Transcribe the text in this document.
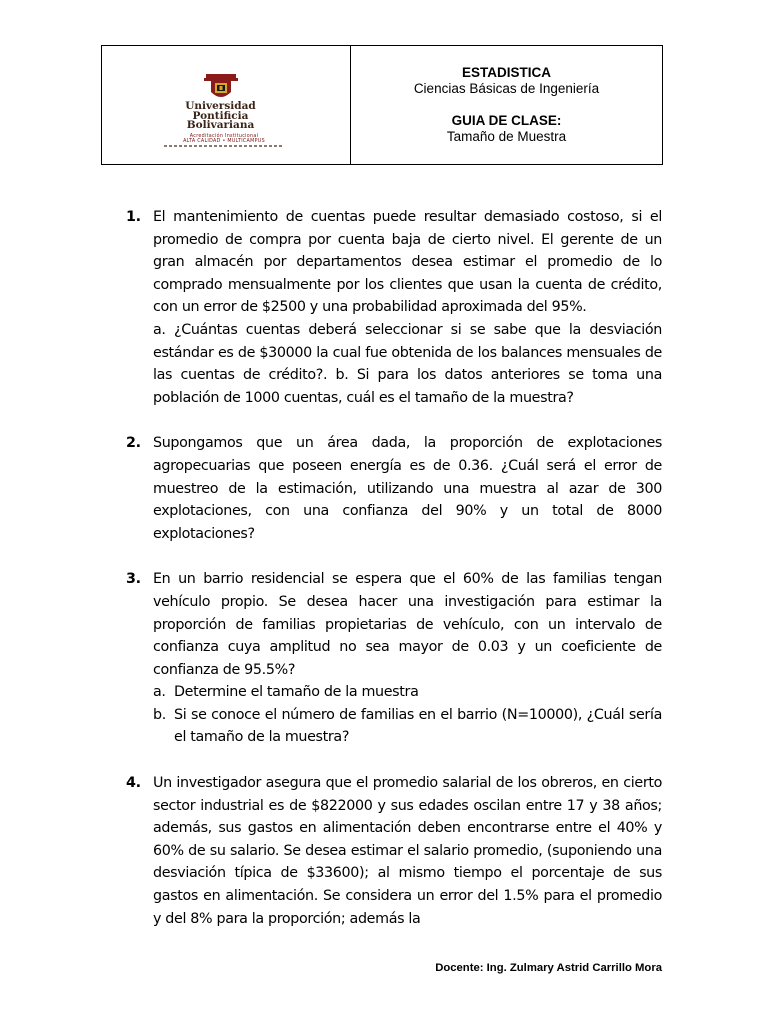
Universidad
Pontificia
Bolivariana
Acreditación Institucional
ALTA CALIDAD • MULTICAMPUS
ESTADISTICA
Ciencias Básicas de Ingeniería
GUIA DE CLASE:
Tamaño de Muestra
1. El mantenimiento de cuentas puede resultar demasiado costoso, si el promedio de compra por cuenta baja de cierto nivel. El gerente de un gran almacén por departamentos desea estimar el promedio de lo comprado mensualmente por los clientes que usan la cuenta de crédito, con un error de $2500 y una probabilidad aproximada del 95%.
a. ¿Cuántas cuentas deberá seleccionar si se sabe que la desviación estándar es de $30000 la cual fue obtenida de los balances mensuales de las cuentas de crédito?. b. Si para los datos anteriores se toma una población de 1000 cuentas, cuál es el tamaño de la muestra?
2. Supongamos que un área dada, la proporción de explotaciones agropecuarias que poseen energía es de 0.36. ¿Cuál será el error de muestreo de la estimación, utilizando una muestra al azar de 300 explotaciones, con una confianza del 90% y un total de 8000 explotaciones?
3. En un barrio residencial se espera que el 60% de las familias tengan vehículo propio. Se desea hacer una investigación para estimar la proporción de familias propietarias de vehículo, con un intervalo de confianza cuya amplitud no sea mayor de 0.03 y un coeficiente de confianza de 95.5%?
a. Determine el tamaño de la muestra
b. Si se conoce el número de familias en el barrio (N=10000), ¿Cuál sería el tamaño de la muestra?
4. Un investigador asegura que el promedio salarial de los obreros, en cierto sector industrial es de $822000 y sus edades oscilan entre 17 y 38 años; además, sus gastos en alimentación deben encontrarse entre el 40% y 60% de su salario. Se desea estimar el salario promedio, (suponiendo una desviación típica de $33600); al mismo tiempo el porcentaje de sus gastos en alimentación. Se considera un error del 1.5% para el promedio y del 8% para la proporción; además la
Docente: Ing. Zulmary Astrid Carrillo Mora
